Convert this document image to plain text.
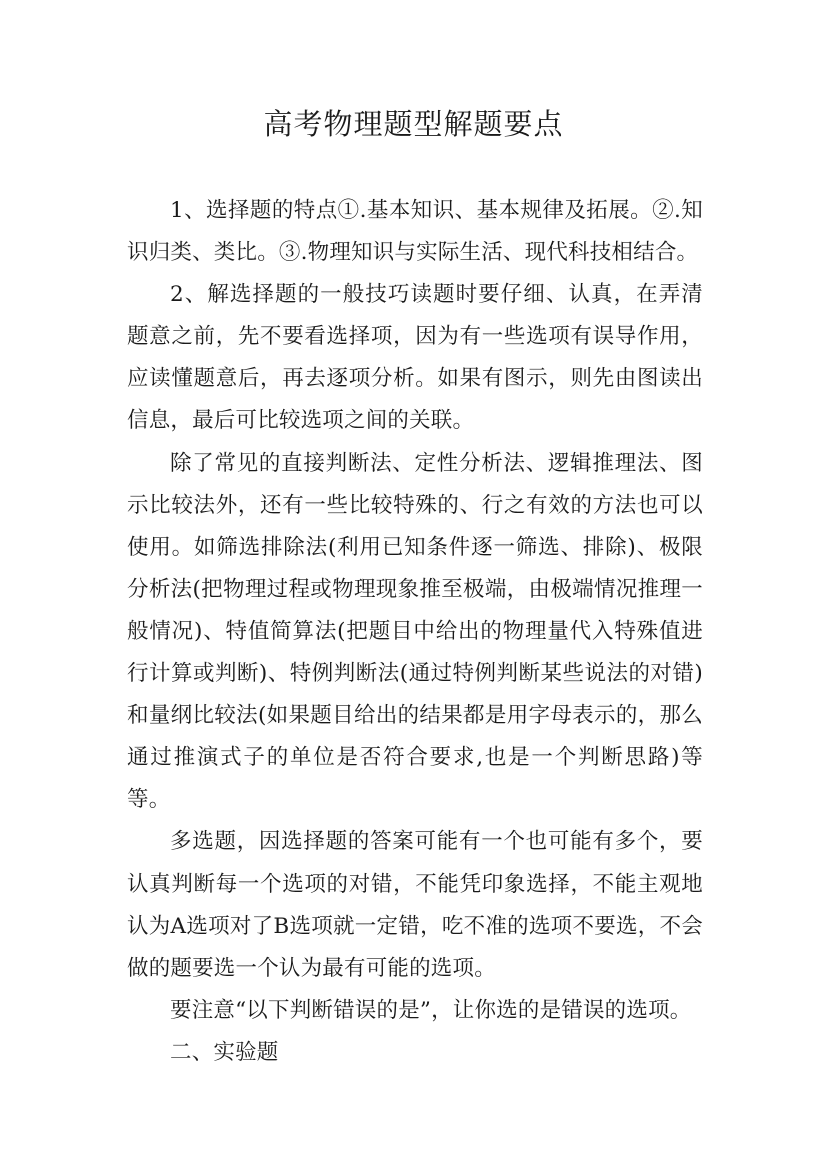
高考物理题型解题要点

1、选择题的特点①.基本知识、基本规律及拓展。②.知识归类、类比。③.物理知识与实际生活、现代科技相结合。

2、解选择题的一般技巧读题时要仔细、认真，在弄清题意之前，先不要看选择项，因为有一些选项有误导作用，应读懂题意后，再去逐项分析。如果有图示，则先由图读出信息，最后可比较选项之间的关联。

除了常见的直接判断法、定性分析法、逻辑推理法、图示比较法外，还有一些比较特殊的、行之有效的方法也可以使用。如筛选排除法(利用已知条件逐一筛选、排除)、极限分析法(把物理过程或物理现象推至极端，由极端情况推理一般情况)、特值简算法(把题目中给出的物理量代入特殊值进行计算或判断)、特例判断法(通过特例判断某些说法的对错)和量纲比较法(如果题目给出的结果都是用字母表示的，那么通过推演式子的单位是否符合要求,也是一个判断思路)等等。

多选题，因选择题的答案可能有一个也可能有多个，要认真判断每一个选项的对错，不能凭印象选择，不能主观地认为A选项对了B选项就一定错，吃不准的选项不要选，不会做的题要选一个认为最有可能的选项。

要注意“以下判断错误的是”，让你选的是错误的选项。

二、实验题
